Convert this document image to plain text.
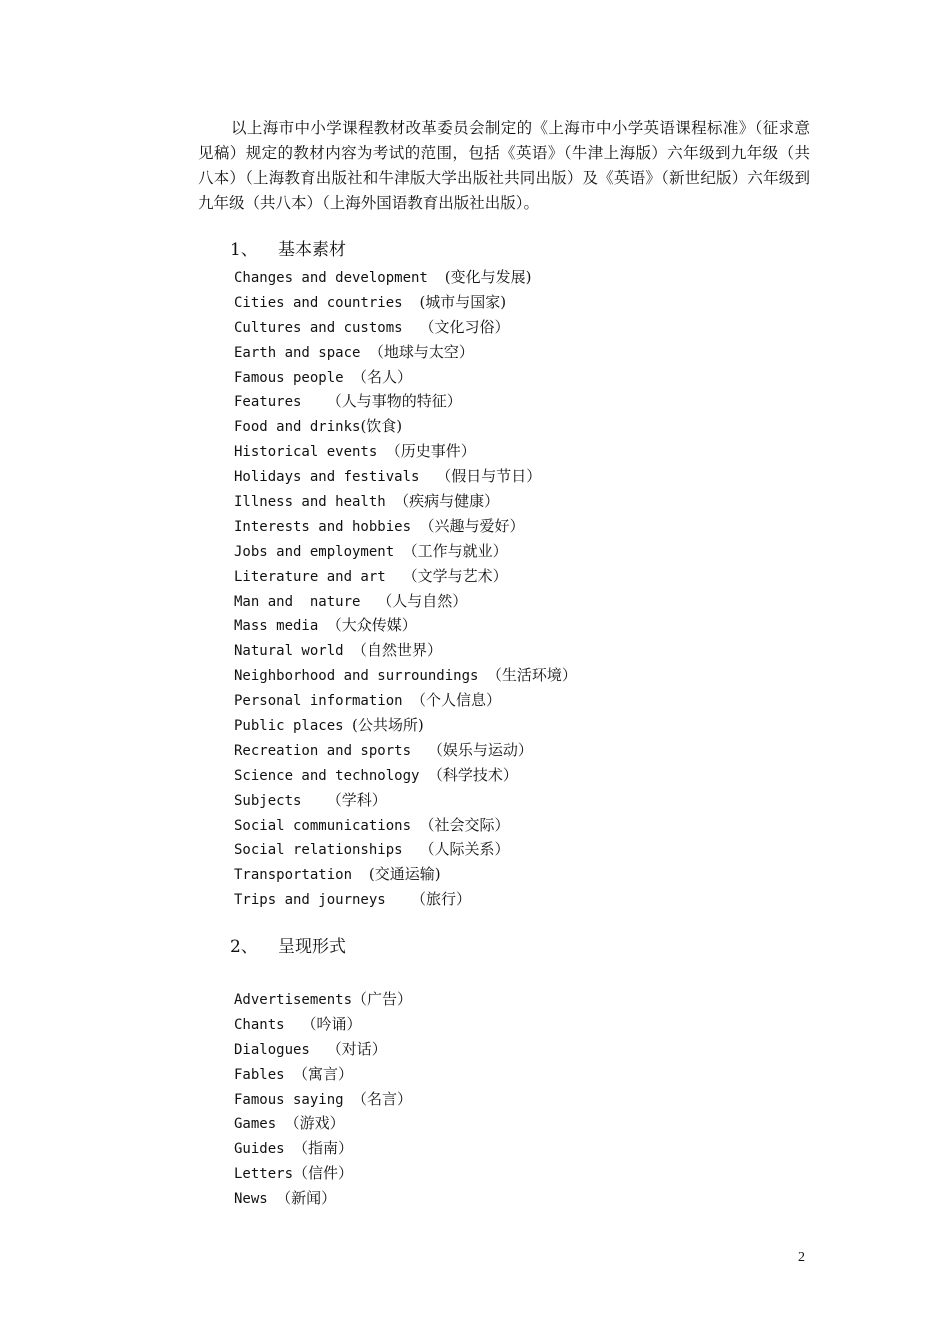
以上海市中小学课程教材改革委员会制定的《上海市中小学英语课程标准》（征求意见稿）规定的教材内容为考试的范围，包括《英语》（牛津上海版）六年级到九年级（共八本）（上海教育出版社和牛津版大学出版社共同出版）及《英语》（新世纪版）六年级到九年级（共八本）（上海外国语教育出版社出版）。

1、 基本素材
Changes and development  (变化与发展)
Cities and countries  (城市与国家)
Cultures and customs  （文化习俗）
Earth and space （地球与太空）
Famous people （名人）
Features   （人与事物的特征）
Food and drinks(饮食)
Historical events （历史事件）
Holidays and festivals  （假日与节日）
Illness and health （疾病与健康）
Interests and hobbies （兴趣与爱好）
Jobs and employment （工作与就业）
Literature and art  （文学与艺术）
Man and  nature  （人与自然）
Mass media （大众传媒）
Natural world （自然世界）
Neighborhood and surroundings （生活环境）
Personal information （个人信息）
Public places (公共场所)
Recreation and sports  （娱乐与运动）
Science and technology （科学技术）
Subjects   （学科）
Social communications （社会交际）
Social relationships  （人际关系）
Transportation  (交通运输)
Trips and journeys   （旅行）
2、 呈现形式
Advertisements（广告）
Chants  （吟诵）
Dialogues  （对话）
Fables （寓言）
Famous saying （名言）
Games （游戏）
Guides （指南）
Letters（信件）
News （新闻）
2
